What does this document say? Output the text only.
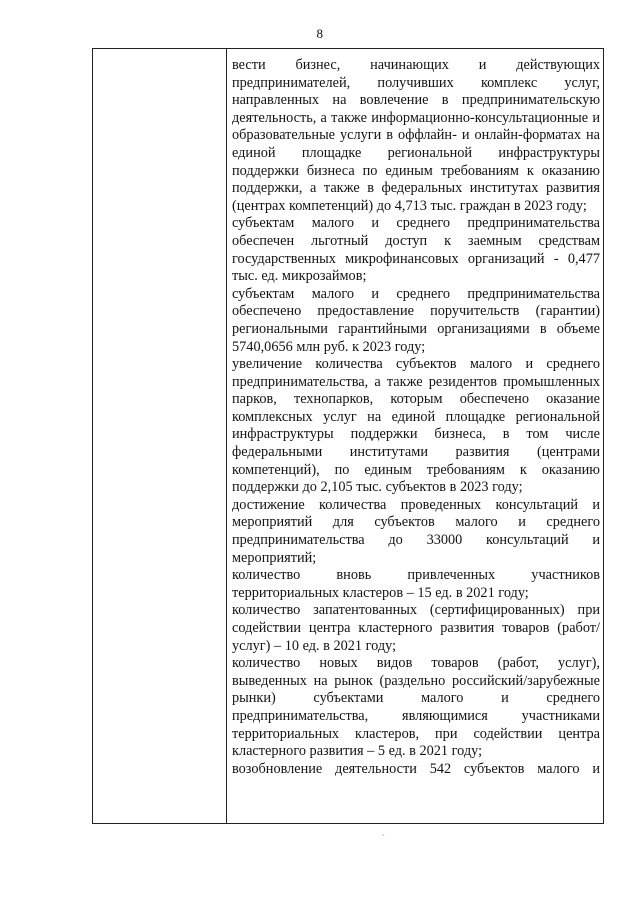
8

вести бизнес, начинающих и действующих предпринимателей, получивших комплекс услуг, направленных на вовлечение в предпринимательскую деятельность, а также информационно-консультационные и образовательные услуги в оффлайн- и онлайн-форматах на единой площадке региональной инфраструктуры поддержки бизнеса по единым требованиям к оказанию поддержки, а также в федеральных институтах развития (центрах компетенций) до 4,713 тыс. граждан в 2023 году;

субъектам малого и среднего предпринимательства обеспечен льготный доступ к заемным средствам государственных микрофинансовых организаций - 0,477 тыс. ед. микрозаймов;

субъектам малого и среднего предпринимательства обеспечено предоставление поручительств (гарантии) региональными гарантийными организациями в объеме 5740,0656 млн руб. к 2023 году;

увеличение количества субъектов малого и среднего предпринимательства, а также резидентов промышленных парков, технопарков, которым обеспечено оказание комплексных услуг на единой площадке региональной инфраструктуры поддержки бизнеса, в том числе федеральными институтами развития (центрами компетенций), по единым требованиям к оказанию поддержки до 2,105 тыс. субъектов в 2023 году;

достижение количества проведенных консультаций и мероприятий для субъектов малого и среднего предпринимательства до 33000 консультаций и мероприятий;

количество вновь привлеченных участников территориальных кластеров – 15 ед. в 2021 году;

количество запатентованных (сертифицированных) при содействии центра кластерного развития товаров (работ/услуг) – 10 ед. в 2021 году;

количество новых видов товаров (работ, услуг), выведенных на рынок (раздельно российский/зарубежные рынки) субъектами малого и среднего предпринимательства, являющимися участниками территориальных кластеров, при содействии центра кластерного развития – 5 ед. в 2021 году;

возобновление деятельности 542 субъектов малого и

ˎ
